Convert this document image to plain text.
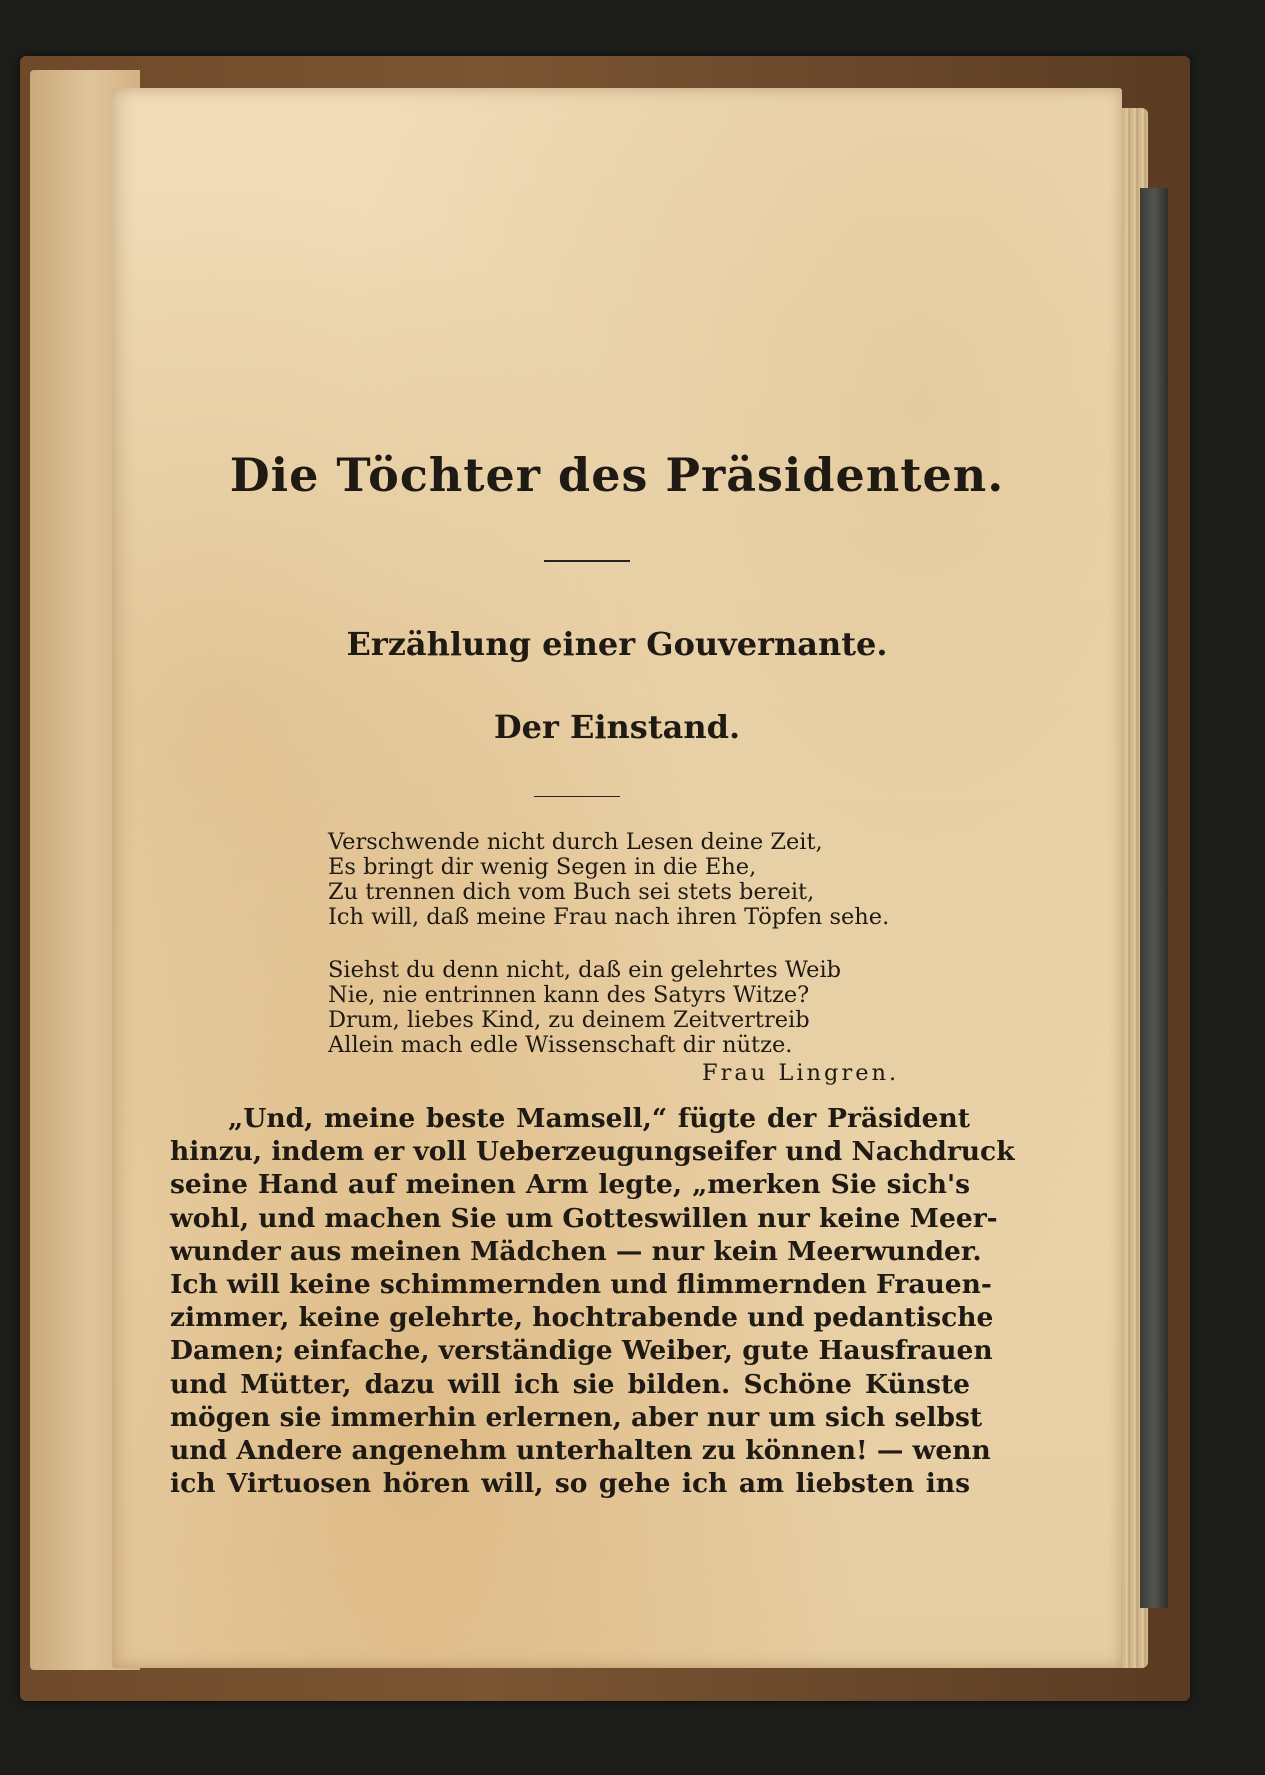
Die Töchter des Präsidenten.
Erzählung einer Gouvernante.
Der Einstand.
Verschwende nicht durch Lesen deine Zeit,
Es bringt dir wenig Segen in die Ehe,
Zu trennen dich vom Buch sei stets bereit,
Ich will, daß meine Frau nach ihren Töpfen sehe.
Siehst du denn nicht, daß ein gelehrtes Weib
Nie, nie entrinnen kann des Satyrs Witze?
Drum, liebes Kind, zu deinem Zeitvertreib
Allein mach edle Wissenschaft dir nütze.
Frau Lingren.
„Und, meine beste Mamsell,“ fügte der Präsident
hinzu, indem er voll Ueberzeugungseifer und Nachdruck
seine Hand auf meinen Arm legte, „merken Sie sich's
wohl, und machen Sie um Gotteswillen nur keine Meer-
wunder aus meinen Mädchen — nur kein Meerwunder.
Ich will keine schimmernden und flimmernden Frauen-
zimmer, keine gelehrte, hochtrabende und pedantische
Damen; einfache, verständige Weiber, gute Hausfrauen
und Mütter, dazu will ich sie bilden. Schöne Künste
mögen sie immerhin erlernen, aber nur um sich selbst
und Andere angenehm unterhalten zu können! — wenn
ich Virtuosen hören will, so gehe ich am liebsten ins
